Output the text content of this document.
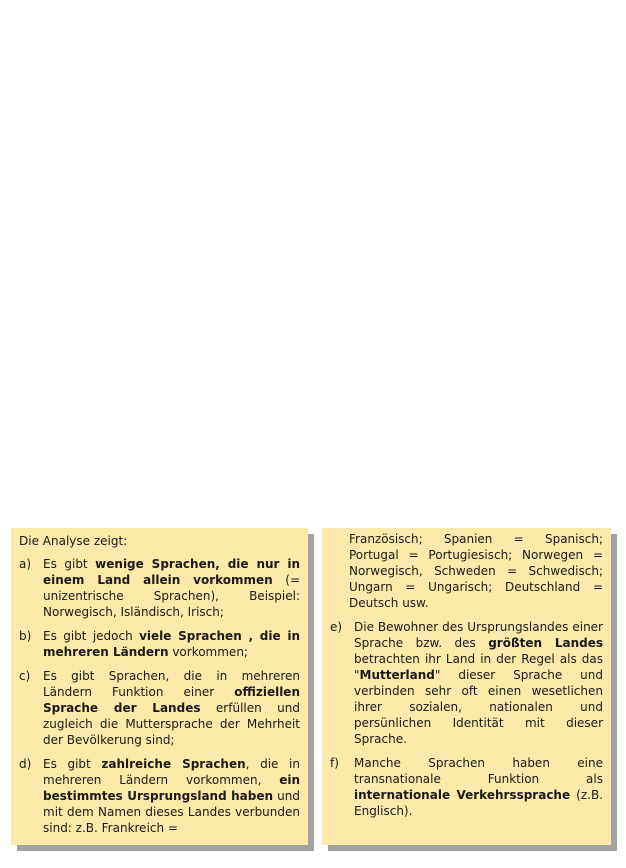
Die Analyse zeigt:

a) Es gibt wenige Sprachen, die nur in einem Land allein vorkommen (= unizentrische Sprachen), Beispiel: Norwegisch, Isländisch, Irisch;
b) Es gibt jedoch viele Sprachen , die in mehreren Ländern vorkommen;
c)	Es gibt Sprachen, die in mehreren Ländern Funktion einer offiziellen Sprache der Landes erfüllen und zugleich die Muttersprache der Mehrheit der Bevölkerung sind;
d) Es gibt zahlreiche Sprachen, die in mehreren Ländern vorkommen, ein bestimmtes Ursprungsland haben und mit dem Namen dieses Landes verbunden sind: z.B. Frankreich =
Französisch; Spanien = Spanisch; Portugal = Portugiesisch; Norwegen = Norwegisch, Schweden = Schwedisch; Ungarn = Ungarisch; Deutschland = Deutsch usw.
e) Die Bewohner des Ursprungslandes einer Sprache bzw. des größten Landes betrachten ihr Land in der Regel als das "Mutterland" dieser Sprache und verbinden sehr oft einen wesetlichen ihrer sozialen, nationalen und persünlichen Identität mit dieser Sprache.
f)	Manche Sprachen haben eine transnationale Funktion als internationale Verkehrssprache (z.B. Englisch).
